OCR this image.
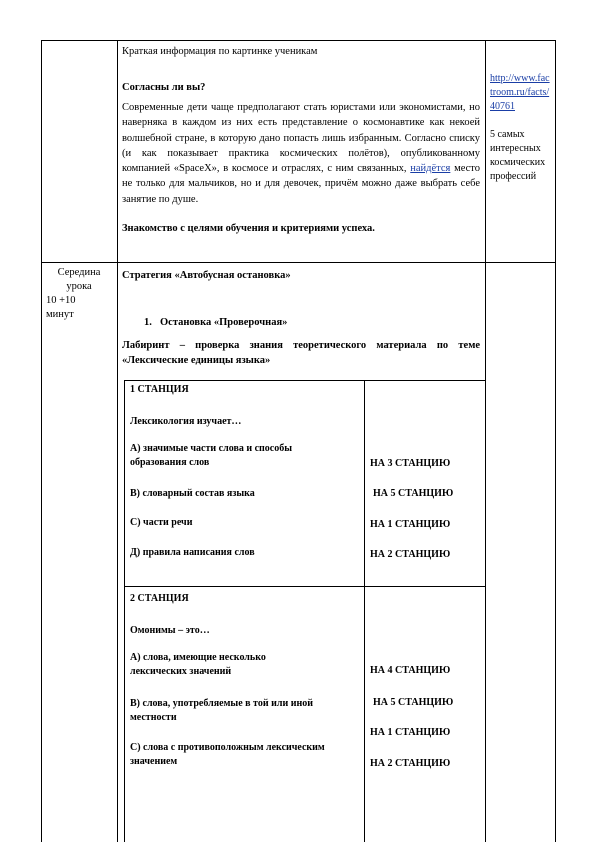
Краткая информация по картинке ученикам
Согласны ли вы?

Современные дети чаще предполагают стать юристами или экономистами, но наверняка в каждом из них есть представление о космонавтике как некоей волшебной стране, в которую дано попасть лишь избранным. Согласно списку (и как показывает практика космических полётов), опубликованному компанией «SpaceX», в космосе и отраслях, с ним связанных, найдётся место не только для мальчиков, но и для девочек, причём можно даже выбрать себе занятие по душе.

Знакомство с целями обучения и критериями успеха.
http://www.factroom.ru/facts/40761
5 самых интересных космических профессий
Середина урока
10 +10 минут
Стратегия «Автобусная остановка»
1. Остановка «Проверочная»

Лабиринт – проверка знания теоретического материала по теме «Лексические единицы языка»

1 СТАНЦИЯ
Лексикология изучает…
А) значимые части слова и способы образования слов
В) словарный состав языка
С) части речи
Д) правила написания слов
НА 3 СТАНЦИЮ
НА 5 СТАНЦИЮ
НА 1 СТАНЦИЮ
НА 2 СТАНЦИЮ
2 СТАНЦИЯ
Омонимы – это…
А) слова, имеющие несколько лексических значений
В) слова, употребляемые в той или иной местности
С) слова с противоположным лексическим значением
НА 4 СТАНЦИЮ
НА 5 СТАНЦИЮ
НА 1 СТАНЦИЮ
НА 2 СТАНЦИЮ
